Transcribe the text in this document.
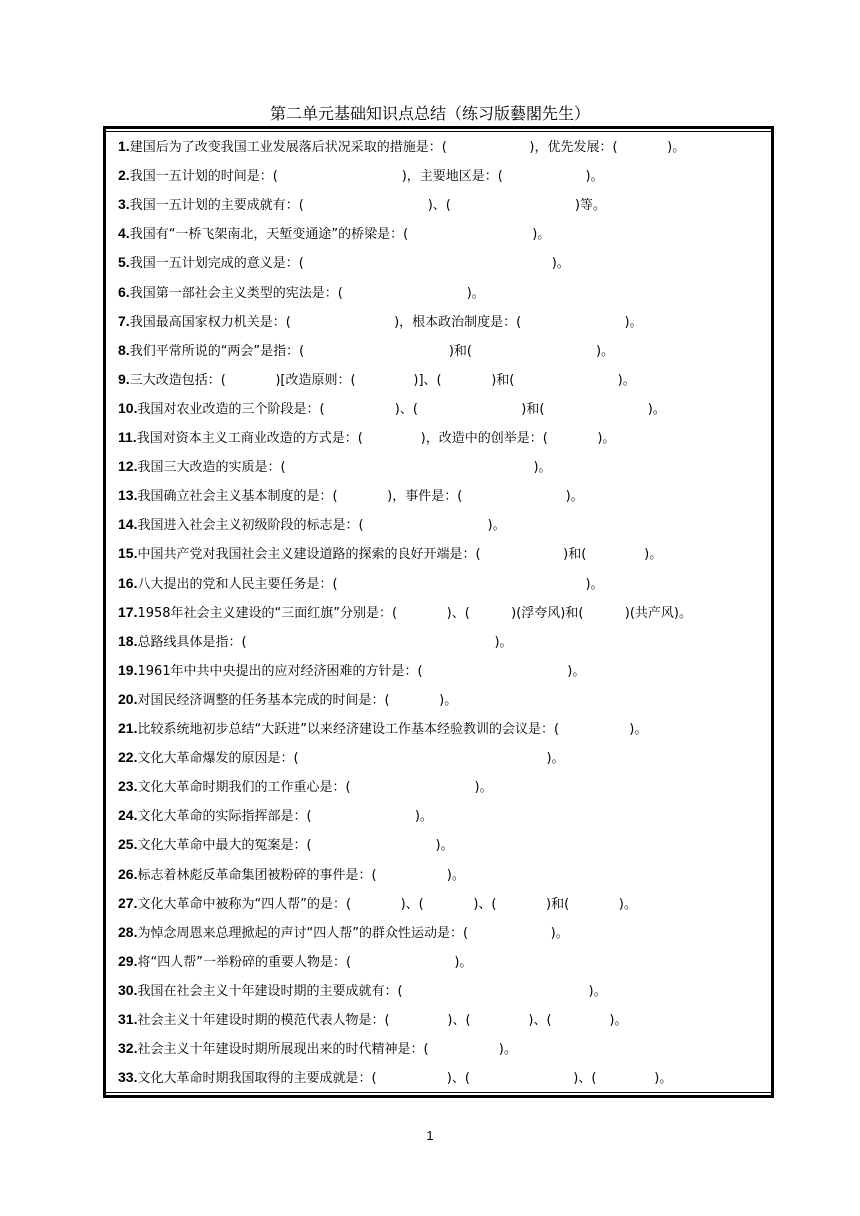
第二单元基础知识点总结（练习版藝閣先生）
1.建国后为了改变我国工业发展落后状况采取的措施是：(                    )，优先发展：(            )。
2.我国一五计划的时间是：(                              )，主要地区是：(                    )。
3.我国一五计划的主要成就有：(                              )、(                              )等。
4.我国有“一桥飞架南北，天堑变通途”的桥梁是：(                              )。
5.我国一五计划完成的意义是：(                                                            )。
6.我国第一部社会主义类型的宪法是：(                              )。
7.我国最高国家权力机关是：(                         )，根本政治制度是：(                         )。
8.我们平常所说的“两会”是指：(                                   )和(                              )。
9.三大改造包括：(            )[改造原则：(              )]、(            )和(                         )。
10.我国对农业改造的三个阶段是：(                 )、(                         )和(                         )。
11.我国对资本主义工商业改造的方式是：(              )，改造中的创举是：(            )。
12.我国三大改造的实质是：(                                                            )。
13.我国确立社会主义基本制度的是：(            )，事件是：(                         )。
14.我国进入社会主义初级阶段的标志是：(                              )。
15.中国共产党对我国社会主义建设道路的探索的良好开端是：(                    )和(              )。
16.八大提出的党和人民主要任务是：(                                                            )。
17.1958年社会主义建设的“三面红旗”分别是：(            )、(          )(浮夸风)和(          )(共产风)。
18.总路线具体是指：(                                                            )。
19.1961年中共中央提出的应对经济困难的方针是：(                                   )。
20.对国民经济调整的任务基本完成的时间是：(            )。
21.比较系统地初步总结“大跃进”以来经济建设工作基本经验教训的会议是：(                 )。
22.文化大革命爆发的原因是：(                                                            )。
23.文化大革命时期我们的工作重心是：(                              )。
24.文化大革命的实际指挥部是：(                         )。
25.文化大革命中最大的冤案是：(                              )。
26.标志着林彪反革命集团被粉碎的事件是：(                 )。
27.文化大革命中被称为“四人帮”的是：(            )、(            )、(            )和(            )。
28.为悼念周恩来总理掀起的声讨“四人帮”的群众性运动是：(                    )。
29.将“四人帮”一举粉碎的重要人物是：(                         )。
30.我国在社会主义十年建设时期的主要成就有：(                                             )。
31.社会主义十年建设时期的模范代表人物是：(              )、(              )、(              )。
32.社会主义十年建设时期所展现出来的时代精神是：(                 )。
33.文化大革命时期我国取得的主要成就是：(                 )、(                         )、(              )。
1
